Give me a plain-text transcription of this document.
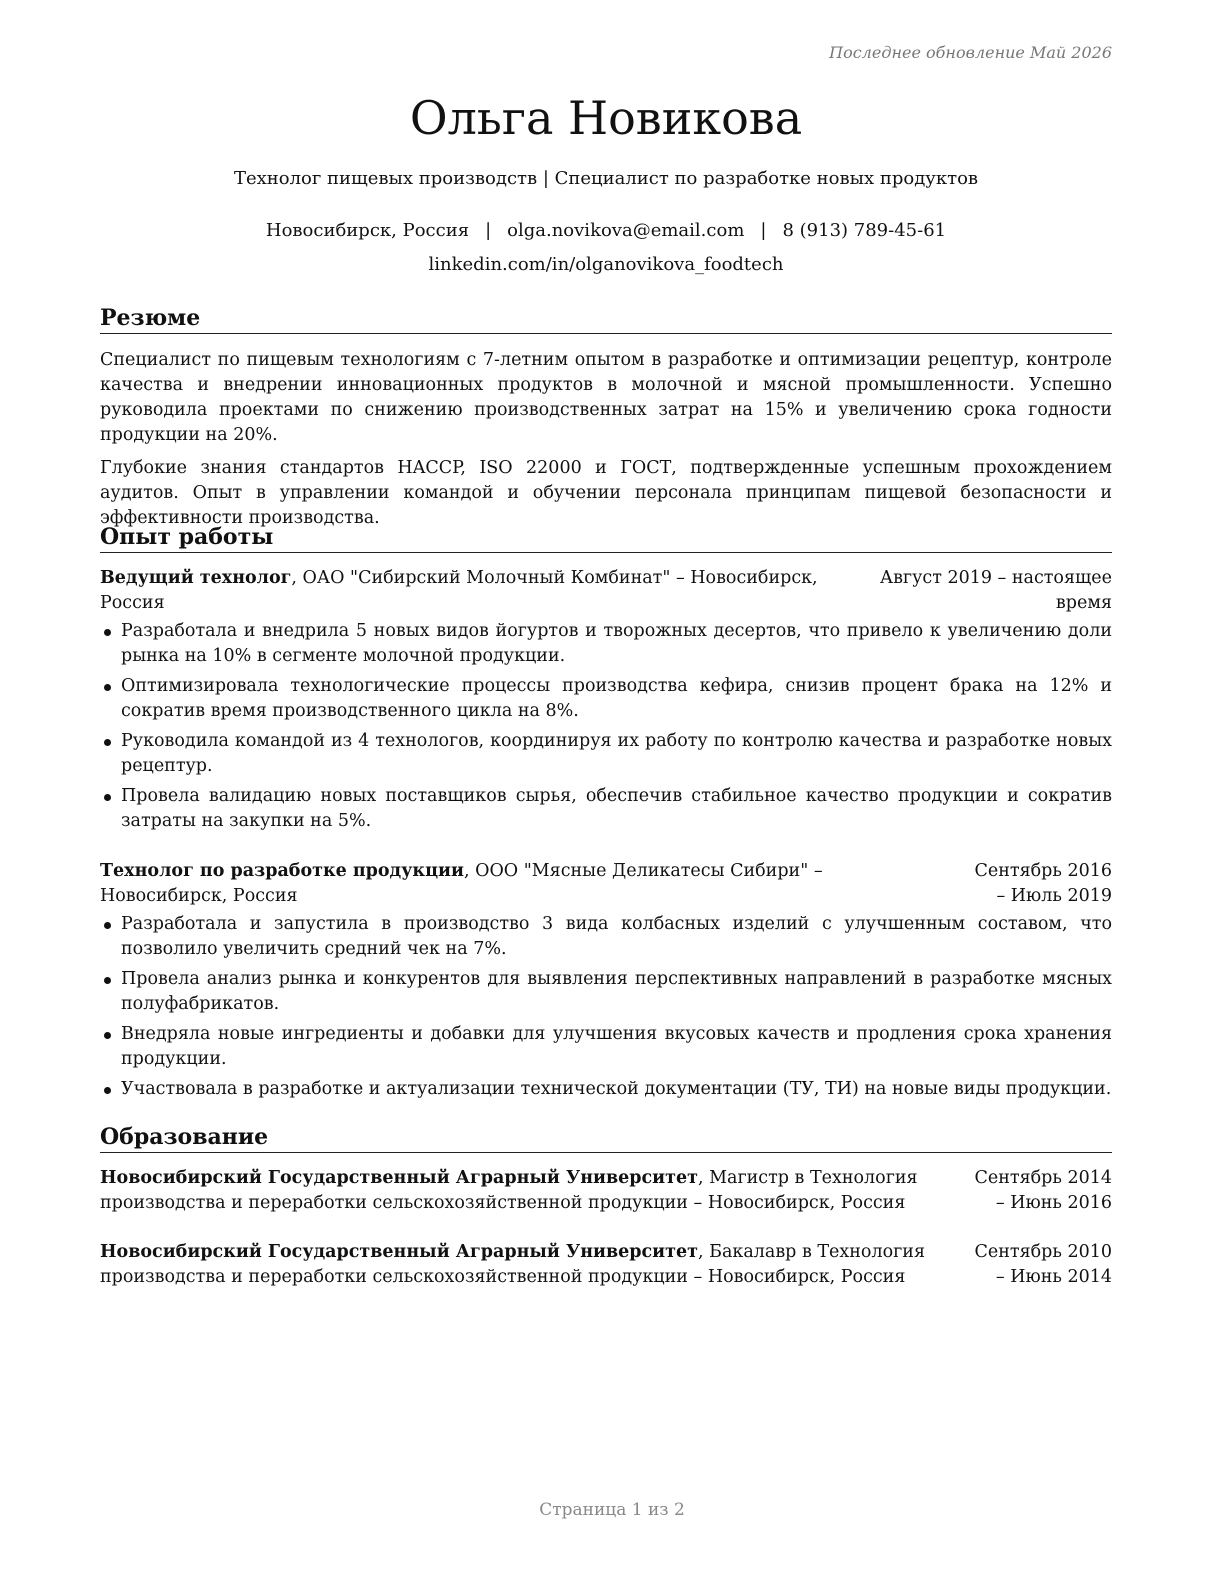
Последнее обновление Май 2026
Ольга Новикова
Технолог пищевых производств | Специалист по разработке новых продуктов
Новосибирск, Россия | olga.novikova@email.com | 8 (913) 789-45-61
linkedin.com/in/olganovikova_foodtech
Резюме

Специалист по пищевым технологиям с 7-летним опытом в разработке и оптимизации рецептур, контроле качества и внедрении инновационных продуктов в молочной и мясной промышленности. Успешно руководила проектами по снижению производственных затрат на 15% и увеличению срока годности продукции на 20%.

Глубокие знания стандартов HACCP, ISO 22000 и ГОСТ, подтвержденные успешным прохождением аудитов. Опыт в управлении командой и обучении персонала принципам пищевой безопасности и эффективности производства.

Опыт работы
Ведущий технолог, ОАО "Сибирский Молочный Комбинат" – Новосибирск, Россия
Август 2019 – настоящее время
Разработала и внедрила 5 новых видов йогуртов и творожных десертов, что привело к увеличению доли рынка на 10% в сегменте молочной продукции.
Оптимизировала технологические процессы производства кефира, снизив процент брака на 12% и сократив время производственного цикла на 8%.
Руководила командой из 4 технологов, координируя их работу по контролю качества и разработке новых рецептур.
Провела валидацию новых поставщиков сырья, обеспечив стабильное качество продукции и сократив затраты на закупки на 5%.
Технолог по разработке продукции, ООО "Мясные Деликатесы Сибири" – Новосибирск, Россия
Сентябрь 2016 – Июль 2019
Разработала и запустила в производство 3 вида колбасных изделий с улучшенным составом, что позволило увеличить средний чек на 7%.
Провела анализ рынка и конкурентов для выявления перспективных направлений в разработке мясных полуфабрикатов.
Внедряла новые ингредиенты и добавки для улучшения вкусовых качеств и продления срока хранения продукции.
Участвовала в разработке и актуализации технической документации (ТУ, ТИ) на новые виды продукции.
Образование
Новосибирский Государственный Аграрный Университет, Магистр в Технология производства и переработки сельскохозяйственной продукции – Новосибирск, Россия
Сентябрь 2014 – Июнь 2016
Новосибирский Государственный Аграрный Университет, Бакалавр в Технология производства и переработки сельскохозяйственной продукции – Новосибирск, Россия
Сентябрь 2010 – Июнь 2014
Страница 1 из 2
